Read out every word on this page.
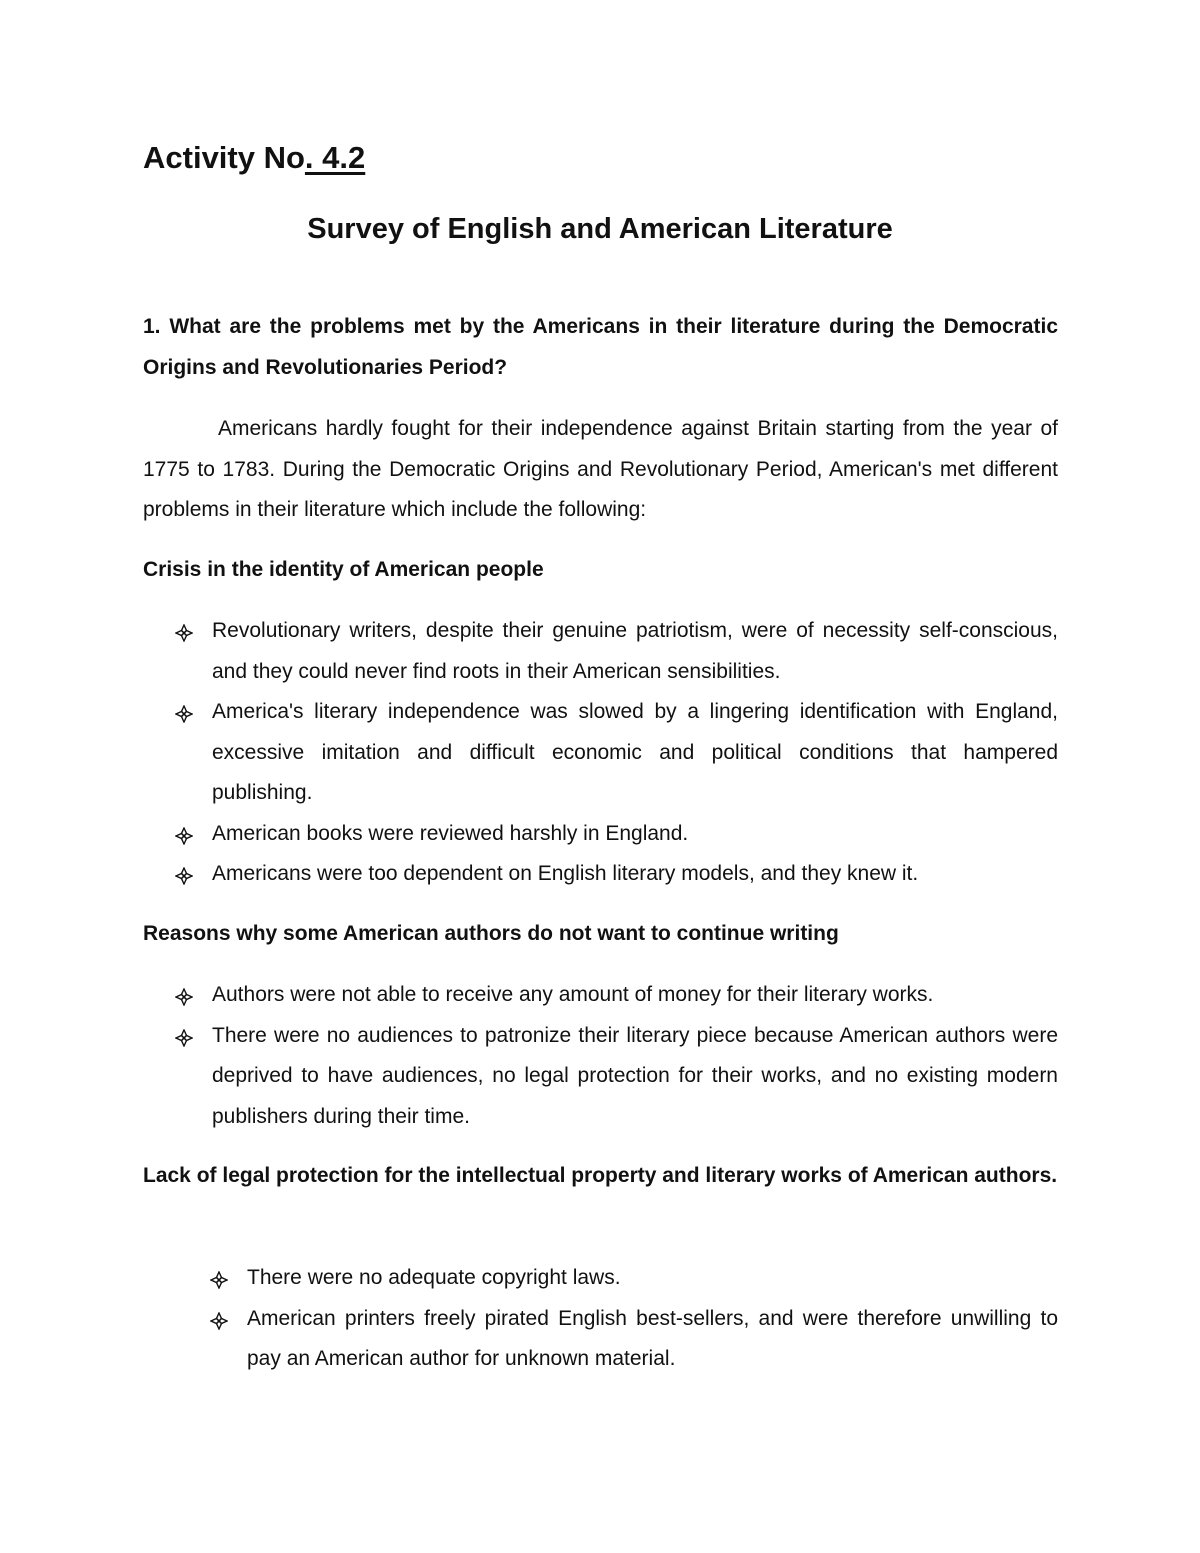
Activity No. 4.2
Survey of English and American Literature

1. What are the problems met by the Americans in their literature during the Democratic Origins and Revolutionaries Period?

Americans hardly fought for their independence against Britain starting from the year of 1775 to 1783. During the Democratic Origins and Revolutionary Period, American's met different problems in their literature which include the following:

Crisis in the identity of American people

Revolutionary writers, despite their genuine patriotism, were of necessity self-conscious, and they could never find roots in their American sensibilities.
America's literary independence was slowed by a lingering identification with England, excessive imitation and difficult economic and political conditions that hampered publishing.
American books were reviewed harshly in England.
Americans were too dependent on English literary models, and they knew it.

Reasons why some American authors do not want to continue writing

Authors were not able to receive any amount of money for their literary works.
There were no audiences to patronize their literary piece because American authors were deprived to have audiences, no legal protection for their works, and no existing modern publishers during their time.

Lack of legal protection for the intellectual property and literary works of American authors.

There were no adequate copyright laws.
American printers freely pirated English best-sellers, and were therefore unwilling to pay an American author for unknown material.
